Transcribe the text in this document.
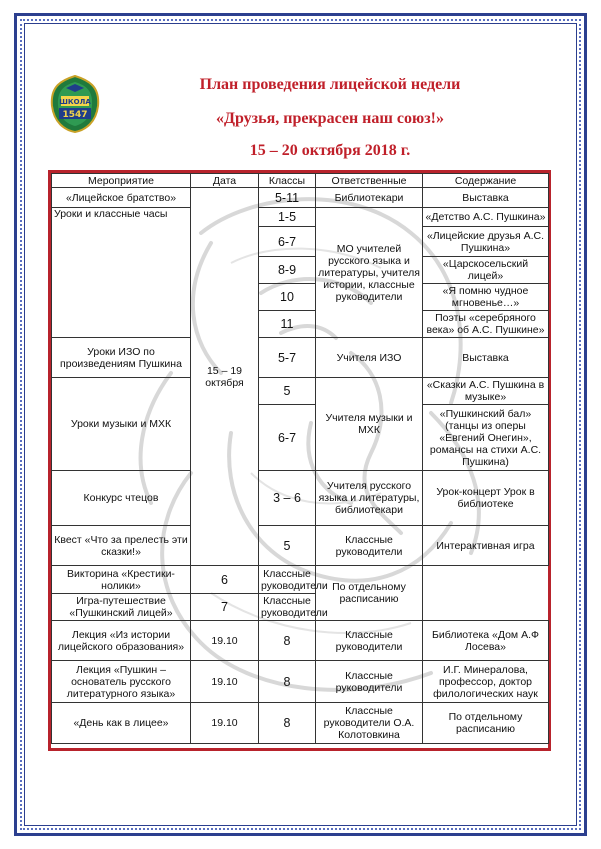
ШКОЛА
1547
План проведения лицейской недели
«Друзья, прекрасен наш союз!»
15 – 20 октября 2018 г.
Мероприятие	Дата	Классы	Ответственные	Содержание
«Лицейское братство»	15 – 19 октября	5-11	Библиотекари	Выставка
Уроки и классные часы		1-5	МО учителей русского языка и литературы, учителя истории, классные руководители	«Детство А.С. Пушкина»
		6-7		«Лицейские друзья А.С. Пушкина»
		8-9		«Царскосельский лицей»
		10		«Я помню чудное мгновенье…»
		11		Поэты «серебряного века» об А.С. Пушкине»
Уроки ИЗО по произведениям Пушкина		5-7	Учителя ИЗО	Выставка
Уроки музыки и МХК		5	Учителя музыки и МХК	«Сказки А.С. Пушкина в музыке»
		6-7		«Пушкинский бал» (танцы из оперы «Евгений Онегин», романсы на стихи А.С. Пушкина)
Конкурс чтецов		3 – 6	Учителя русского языка и литературы, библиотекари	Урок-концерт Урок в библиотеке
Квест «Что за прелесть эти сказки!»		5	Классные руководители	Интерактивная игра
Викторина «Крестики-нолики»	6	Классные руководители	По отдельному расписанию	
Игра-путешествие «Пушкинский лицей»	7	Классные руководители		
Лекция «Из истории лицейского образования»	19.10	8	Классные руководители	Библиотека «Дом А.Ф Лосева»
Лекция «Пушкин – основатель русского литературного языка»	19.10	8	Классные руководители	И.Г. Минералова, профессор, доктор филологических наук
«День как в лицее»	19.10	8	Классные руководители О.А. Колотовкина	По отдельному расписанию
